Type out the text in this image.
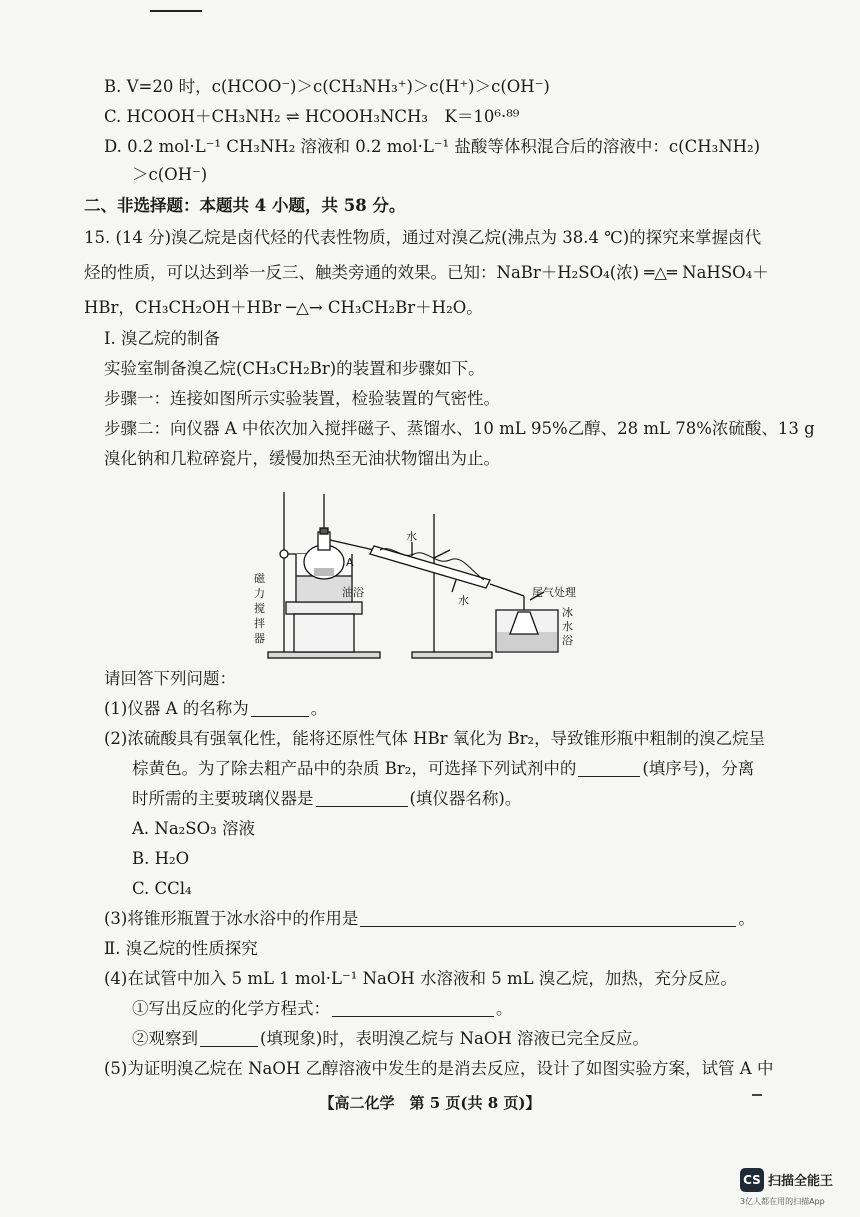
B. V=20 时，c(HCOO⁻)＞c(CH₃NH₃⁺)＞c(H⁺)＞c(OH⁻)
C. HCOOH＋CH₃NH₂ ⇌ HCOOH₃NCH₃　K＝10⁶·⁸⁹
D. 0.2 mol·L⁻¹ CH₃NH₂ 溶液和 0.2 mol·L⁻¹ 盐酸等体积混合后的溶液中：c(CH₃NH₂)
＞c(OH⁻)
二、非选择题：本题共 4 小题，共 58 分。
15. (14 分)溴乙烷是卤代烃的代表性物质，通过对溴乙烷(沸点为 38.4 ℃)的探究来掌握卤代
烃的性质，可以达到举一反三、触类旁通的效果。已知：NaBr＋H₂SO₄(浓) ═△═ NaHSO₄＋
HBr，CH₃CH₂OH＋HBr ─△→ CH₃CH₂Br＋H₂O。
Ⅰ. 溴乙烷的制备
实验室制备溴乙烷(CH₃CH₂Br)的装置和步骤如下。
步骤一：连接如图所示实验装置，检验装置的气密性。
步骤二：向仪器 A 中依次加入搅拌磁子、蒸馏水、10 mL 95%乙醇、28 mL 78%浓硫酸、13 g
溴化钠和几粒碎瓷片，缓慢加热至无油状物馏出为止。
A
水
水
油浴	尾气处理
磁
力
搅
拌
器
冰
水
浴
请回答下列问题：
(1)仪器 A 的名称为	。
(2)浓硫酸具有强氧化性，能将还原性气体 HBr 氧化为 Br₂，导致锥形瓶中粗制的溴乙烷呈
棕黄色。为了除去粗产品中的杂质 Br₂，可选择下列试剂中的	(填序号)，分离
时所需的主要玻璃仪器是	(填仪器名称)。
A. Na₂SO₃ 溶液
B. H₂O
C. CCl₄
(3)将锥形瓶置于冰水浴中的作用是	。
Ⅱ. 溴乙烷的性质探究
(4)在试管中加入 5 mL 1 mol·L⁻¹ NaOH 水溶液和 5 mL 溴乙烷，加热，充分反应。
①写出反应的化学方程式：	。
②观察到	(填现象)时，表明溴乙烷与 NaOH 溶液已完全反应。
(5)为证明溴乙烷在 NaOH 乙醇溶液中发生的是消去反应，设计了如图实验方案，试管 A 中
【高二化学　第 5 页(共 8 页)】
CS 扫描全能王
3亿人都在用的扫描App
